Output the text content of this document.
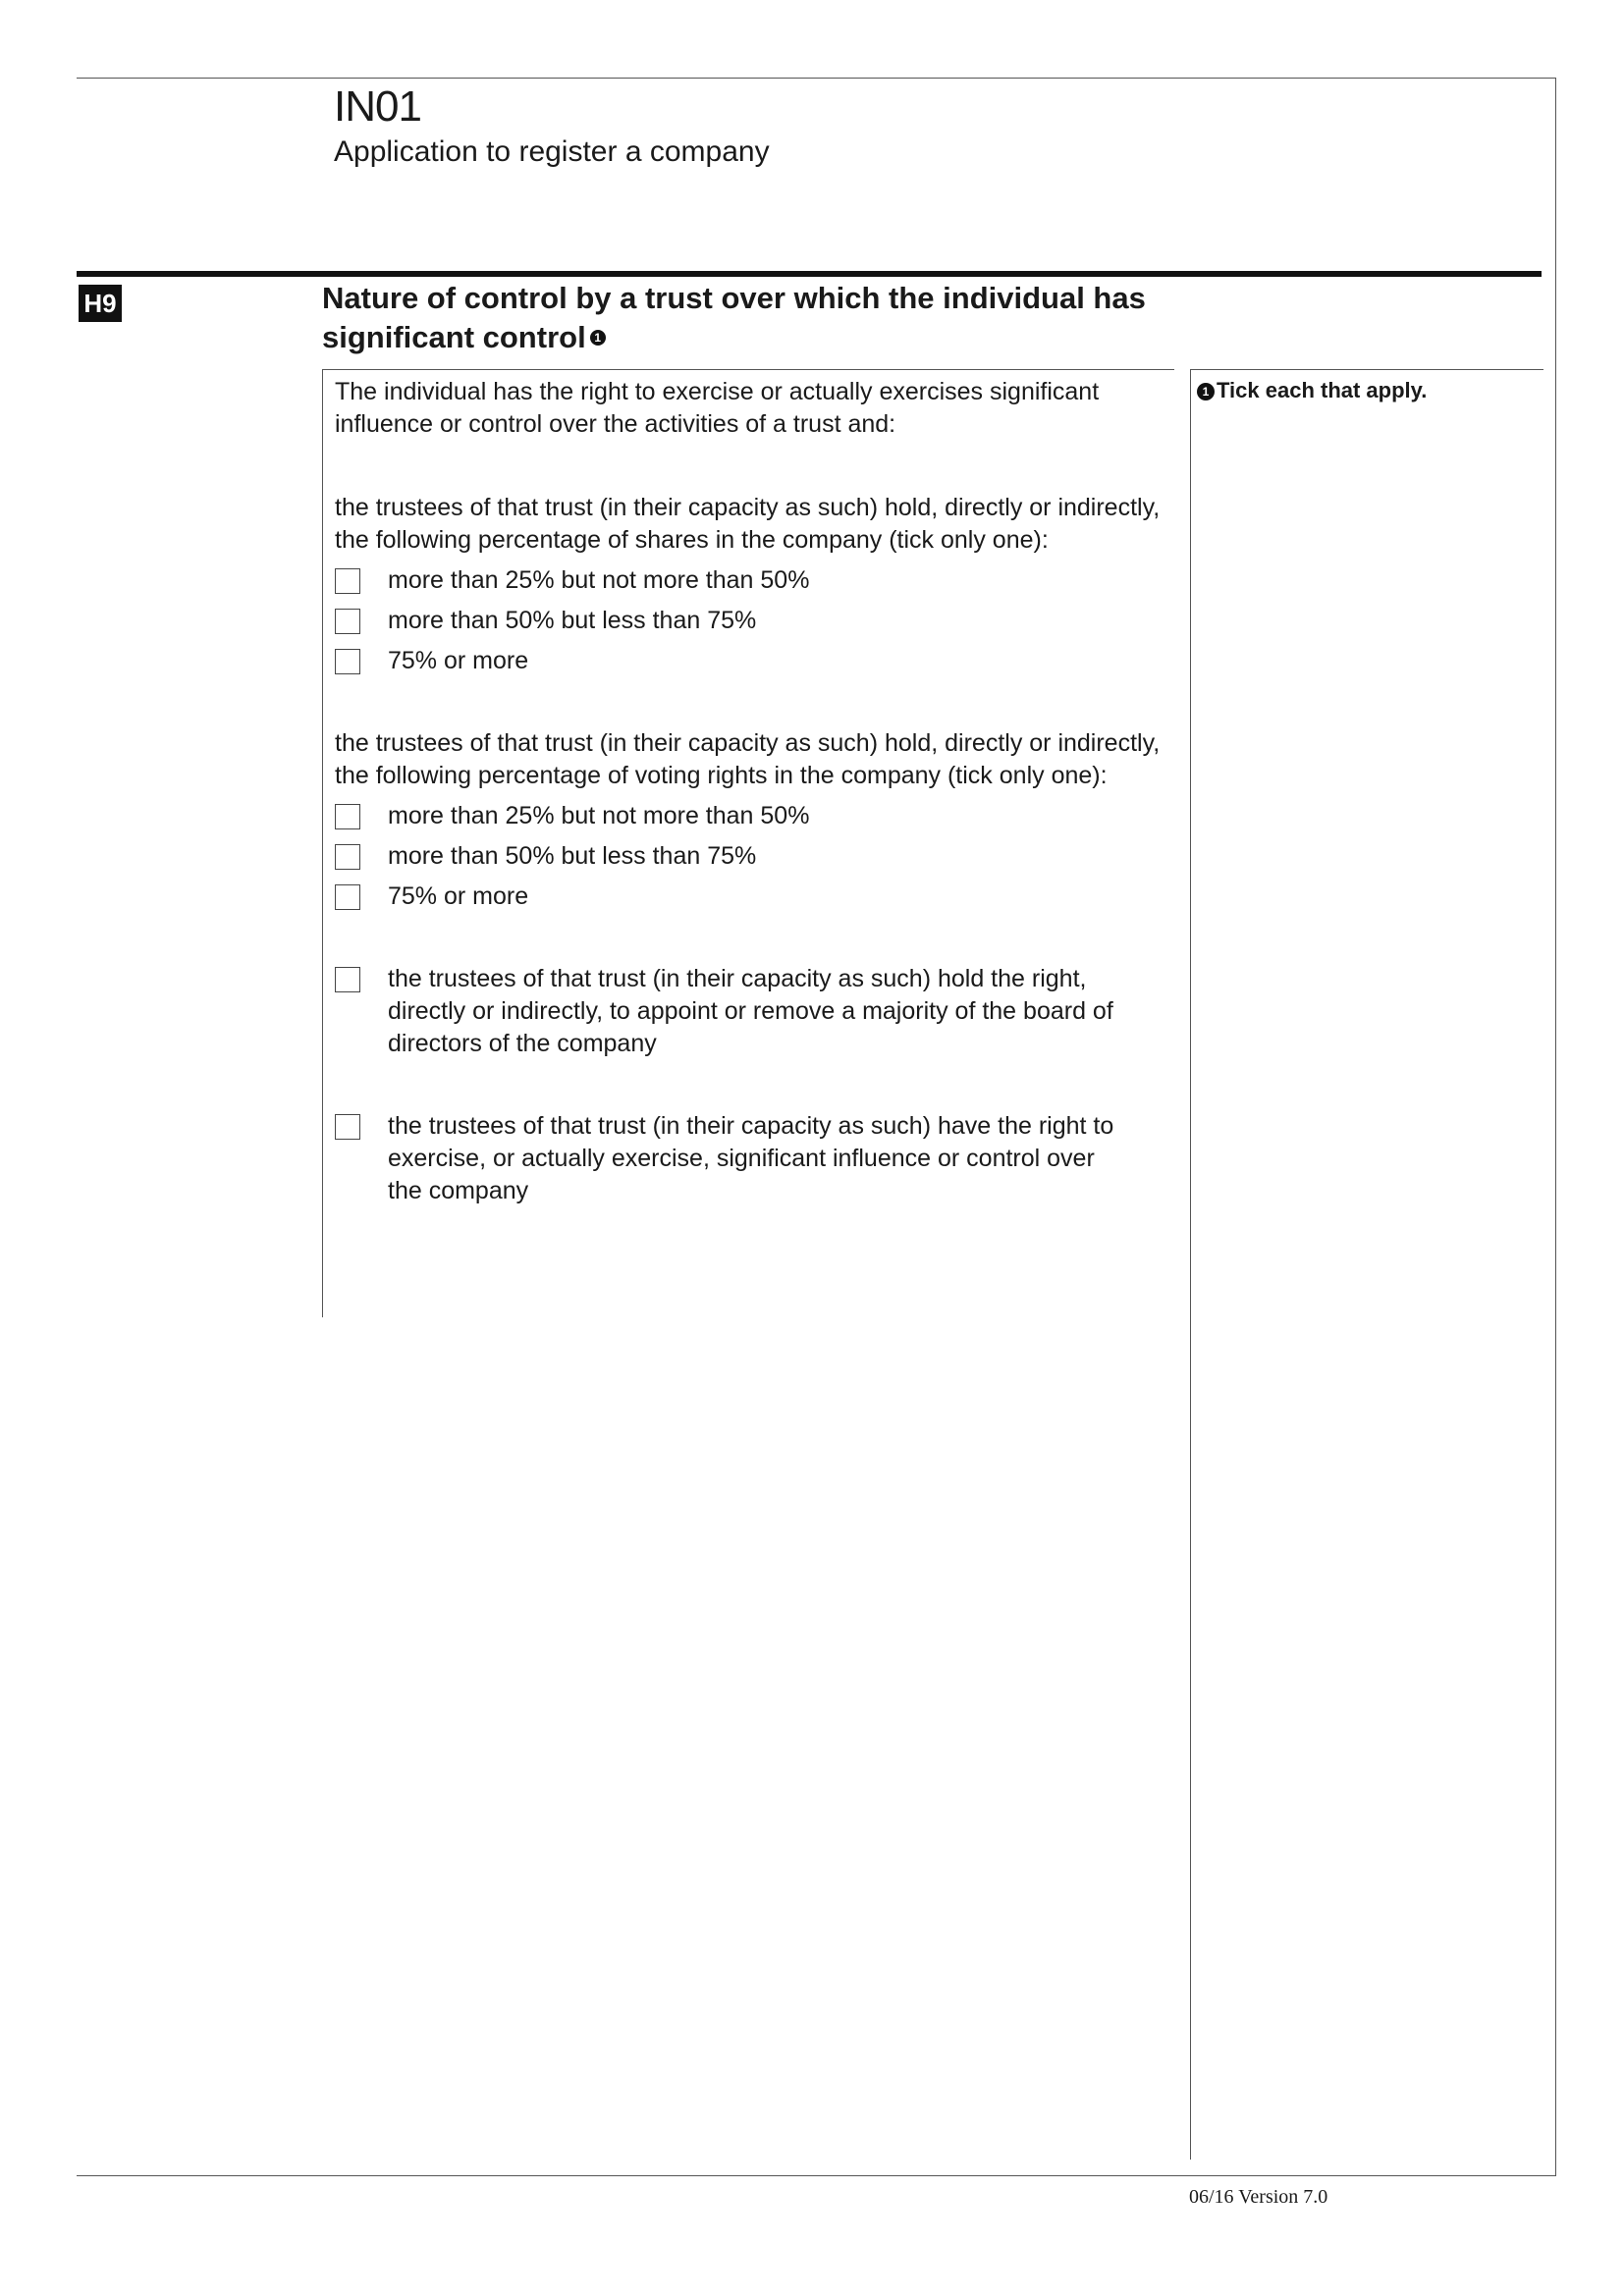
IN01
Application to register a company
H9	Nature of control by a trust over which the individual has significant control 1
The individual has the right to exercise or actually exercises significant influence or control over the activities of a trust and:
the trustees of that trust (in their capacity as such) hold, directly or indirectly, the following percentage of shares in the company (tick only one):
more than 25% but not more than 50%
more than 50% but less than 75%
75% or more
the trustees of that trust (in their capacity as such) hold, directly or indirectly, the following percentage of voting rights in the company (tick only one):
more than 25% but not more than 50%
more than 50% but less than 75%
75% or more
the trustees of that trust (in their capacity as such) hold the right, directly or indirectly, to appoint or remove a majority of the board of directors of the company
the trustees of that trust (in their capacity as such) have the right to exercise, or actually exercise, significant influence or control over the company
1 Tick each that apply.
06/16 Version 7.0
